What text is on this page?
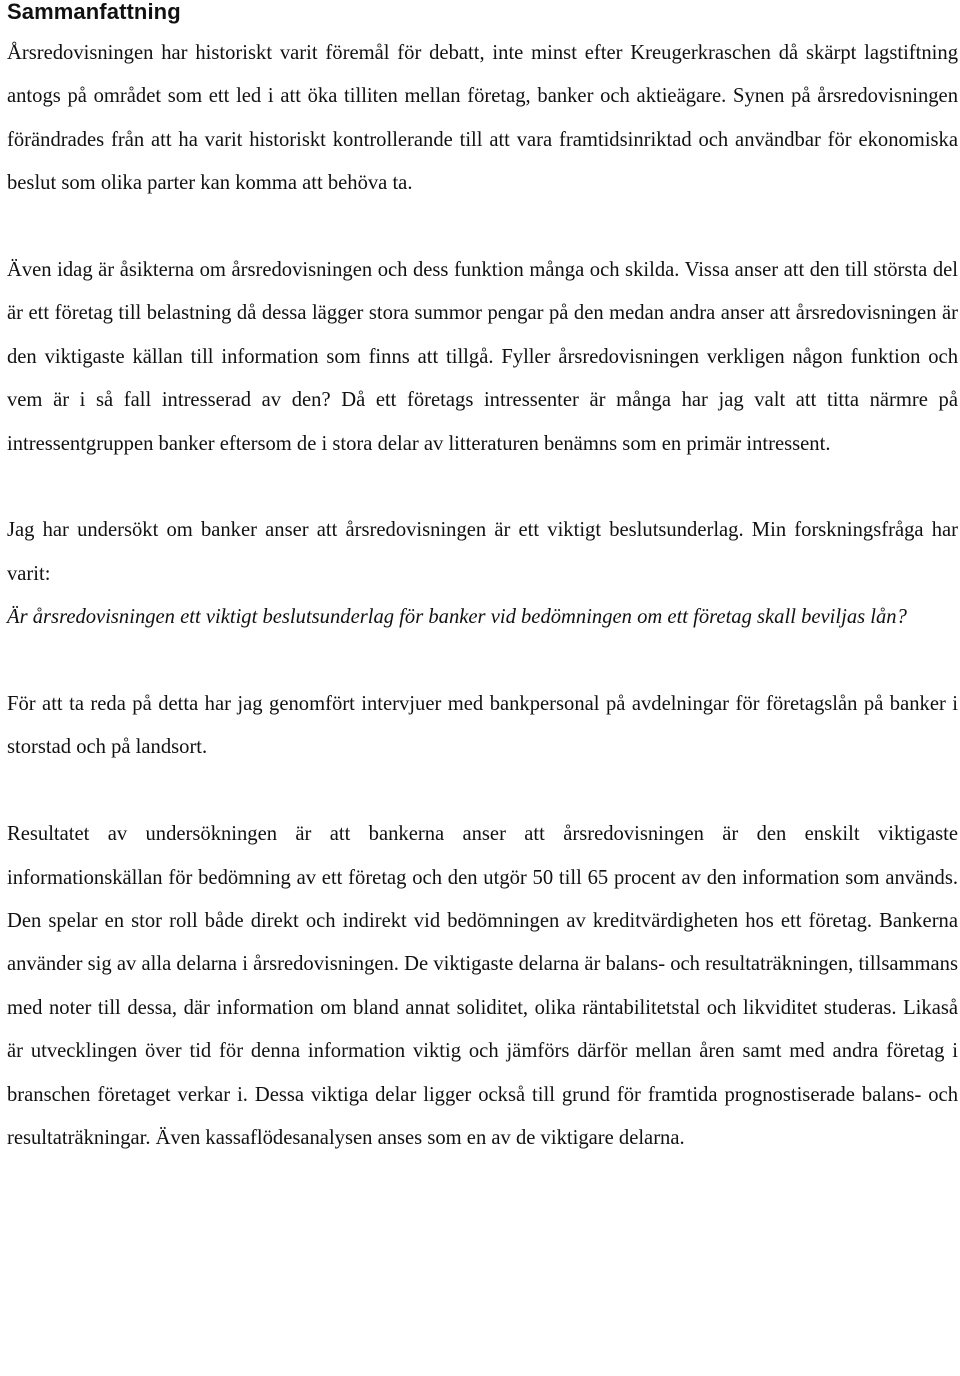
Sammanfattning

Årsredovisningen har historiskt varit föremål för debatt, inte minst efter Kreugerkraschen då skärpt lagstiftning antogs på området som ett led i att öka tilliten mellan företag, banker och aktieägare. Synen på årsredovisningen förändrades från att ha varit historiskt kontrollerande till att vara framtidsinriktad och användbar för ekonomiska beslut som olika parter kan komma att behöva ta.

Även idag är åsikterna om årsredovisningen och dess funktion många och skilda. Vissa anser att den till största del är ett företag till belastning då dessa lägger stora summor pengar på den medan andra anser att årsredovisningen är den viktigaste källan till information som finns att tillgå. Fyller årsredovisningen verkligen någon funktion och vem är i så fall intresserad av den? Då ett företags intressenter är många har jag valt att titta närmre på intressentgruppen banker eftersom de i stora delar av litteraturen benämns som en primär intressent.

Jag har undersökt om banker anser att årsredovisningen är ett viktigt beslutsunderlag. Min forskningsfråga har varit:

Är årsredovisningen ett viktigt beslutsunderlag för banker vid bedömningen om ett företag skall beviljas lån?

För att ta reda på detta har jag genomfört intervjuer med bankpersonal på avdelningar för företagslån på banker i storstad och på landsort.

Resultatet av undersökningen är att bankerna anser att årsredovisningen är den enskilt viktigaste informationskällan för bedömning av ett företag och den utgör 50 till 65 procent av den information som används. Den spelar en stor roll både direkt och indirekt vid bedömningen av kreditvärdigheten hos ett företag. Bankerna använder sig av alla delarna i årsredovisningen. De viktigaste delarna är balans- och resultaträkningen, tillsammans med noter till dessa, där information om bland annat soliditet, olika räntabilitetstal och likviditet studeras. Likaså är utvecklingen över tid för denna information viktig och jämförs därför mellan åren samt med andra företag i branschen företaget verkar i. Dessa viktiga delar ligger också till grund för framtida prognostiserade balans- och resultaträkningar. Även kassaflödesanalysen anses som en av de viktigare delarna.
